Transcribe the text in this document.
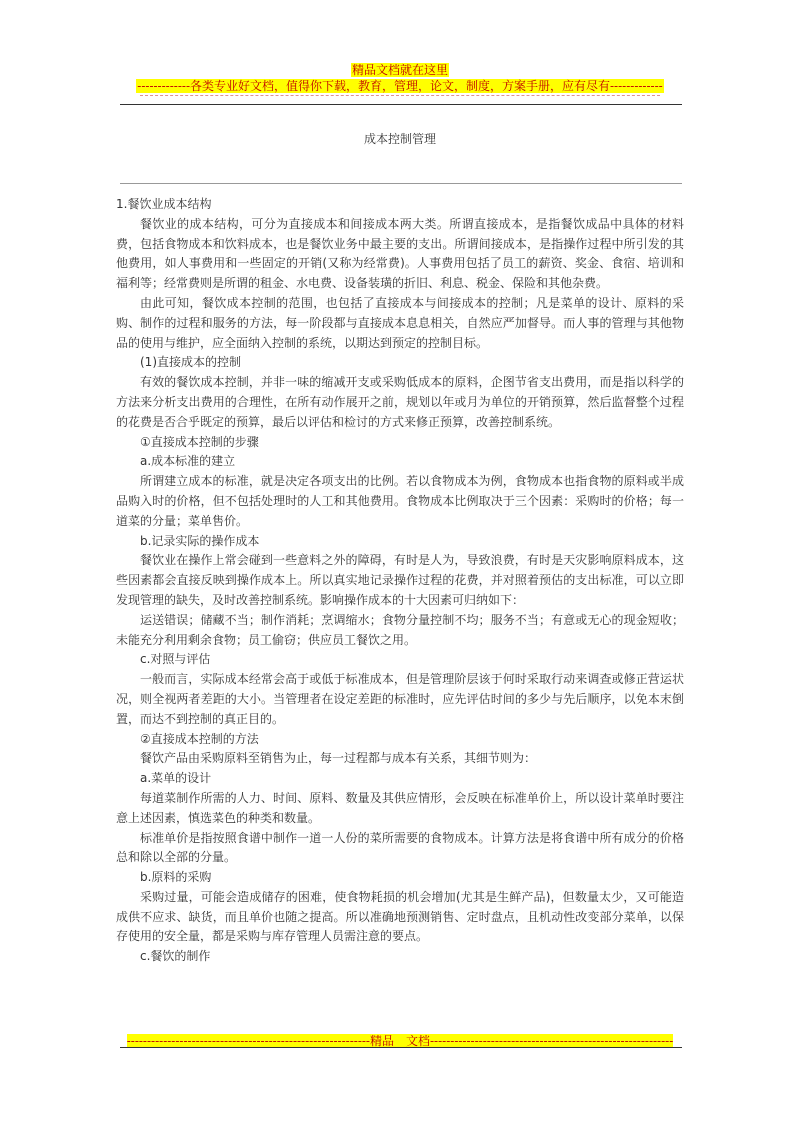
精品文档就在这里
-------------各类专业好文档，值得你下载，教育，管理，论文，制度，方案手册，应有尽有-------------
成本控制管理

1.餐饮业成本结构

餐饮业的成本结构，可分为直接成本和间接成本两大类。所谓直接成本，是指餐饮成品中具体的材料费，包括食物成本和饮料成本，也是餐饮业务中最主要的支出。所谓间接成本，是指操作过程中所引发的其他费用，如人事费用和一些固定的开销(又称为经常费)。人事费用包括了员工的薪资、奖金、食宿、培训和福利等；经常费则是所谓的租金、水电费、设备装璜的折旧、利息、税金、保险和其他杂费。

由此可知，餐饮成本控制的范围，也包括了直接成本与间接成本的控制；凡是菜单的设计、原料的采购、制作的过程和服务的方法，每一阶段都与直接成本息息相关，自然应严加督导。而人事的管理与其他物品的使用与维护，应全面纳入控制的系统，以期达到预定的控制目标。

(1)直接成本的控制

有效的餐饮成本控制，并非一味的缩减开支或采购低成本的原料，企图节省支出费用，而是指以科学的方法来分析支出费用的合理性，在所有动作展开之前，规划以年或月为单位的开销预算，然后监督整个过程的花费是否合乎既定的预算，最后以评估和检讨的方式来修正预算，改善控制系统。

①直接成本控制的步骤

a.成本标准的建立

所谓建立成本的标准，就是决定各项支出的比例。若以食物成本为例，食物成本也指食物的原料或半成品购入时的价格，但不包括处理时的人工和其他费用。食物成本比例取决于三个因素：采购时的价格；每一道菜的分量；菜单售价。

b.记录实际的操作成本

餐饮业在操作上常会碰到一些意料之外的障碍，有时是人为，导致浪费，有时是天灾影响原料成本，这些因素都会直接反映到操作成本上。所以真实地记录操作过程的花费，并对照着预估的支出标准，可以立即发现管理的缺失，及时改善控制系统。影响操作成本的十大因素可归纳如下：

运送错误；储藏不当；制作消耗；烹调缩水；食物分量控制不均；服务不当；有意或无心的现金短收；未能充分利用剩余食物；员工偷窃；供应员工餐饮之用。

c.对照与评估

一般而言，实际成本经常会高于或低于标准成本，但是管理阶层该于何时采取行动来调查或修正营运状况，则全视两者差距的大小。当管理者在设定差距的标准时，应先评估时间的多少与先后顺序，以免本末倒置，而达不到控制的真正目的。

②直接成本控制的方法

餐饮产品由采购原料至销售为止，每一过程都与成本有关系，其细节则为：

a.菜单的设计

每道菜制作所需的人力、时间、原料、数量及其供应情形，会反映在标准单价上，所以设计菜单时要注意上述因素，慎选菜色的种类和数量。

标准单价是指按照食谱中制作一道一人份的菜所需要的食物成本。计算方法是将食谱中所有成分的价格总和除以全部的分量。

b.原料的采购

采购过量，可能会造成储存的困难，使食物耗损的机会增加(尤其是生鲜产品)，但数量太少，又可能造成供不应求、缺货，而且单价也随之提高。所以准确地预测销售、定时盘点，且机动性改变部分菜单，以保存使用的安全量，都是采购与库存管理人员需注意的要点。

c.餐饮的制作

------------------------------------------------------------精品　文档------------------------------------------------------------
